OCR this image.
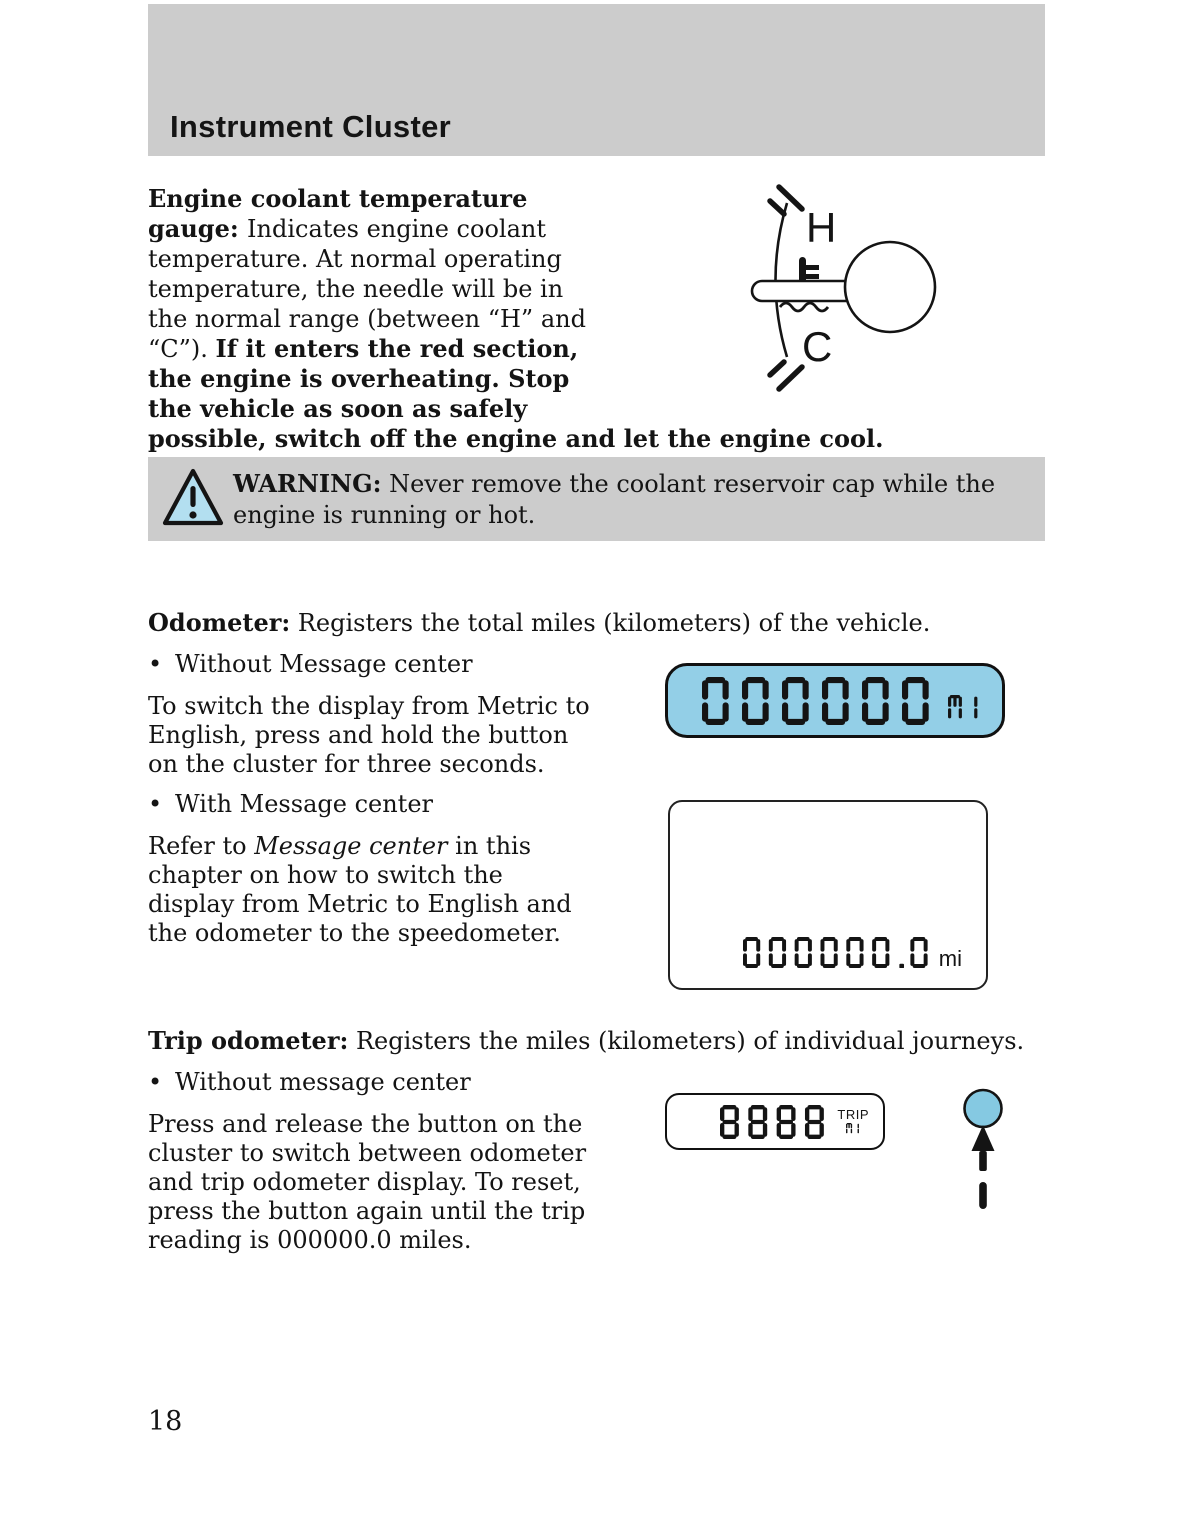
Instrument Cluster
Engine coolant temperature
gauge: Indicates engine coolant
temperature. At normal operating
temperature, the needle will be in
the normal range (between “H” and
“C”). If it enters the red section,
the engine is overheating. Stop
the vehicle as soon as safely
possible, switch off the engine and let the engine cool.
H
C
WARNING: Never remove the coolant reservoir cap while the
engine is running or hot.
Odometer: Registers the total miles (kilometers) of the vehicle.
• Without Message center
To switch the display from Metric to
English, press and hold the button
on the cluster for three seconds.
• With Message center
Refer to Message center in this
chapter on how to switch the
display from Metric to English and
the odometer to the speedometer.
mi
Trip odometer: Registers the miles (kilometers) of individual journeys.
• Without message center
Press and release the button on the
cluster to switch between odometer
and trip odometer display. To reset,
press the button again until the trip
reading is 000000.0 miles.
TRIP
18
